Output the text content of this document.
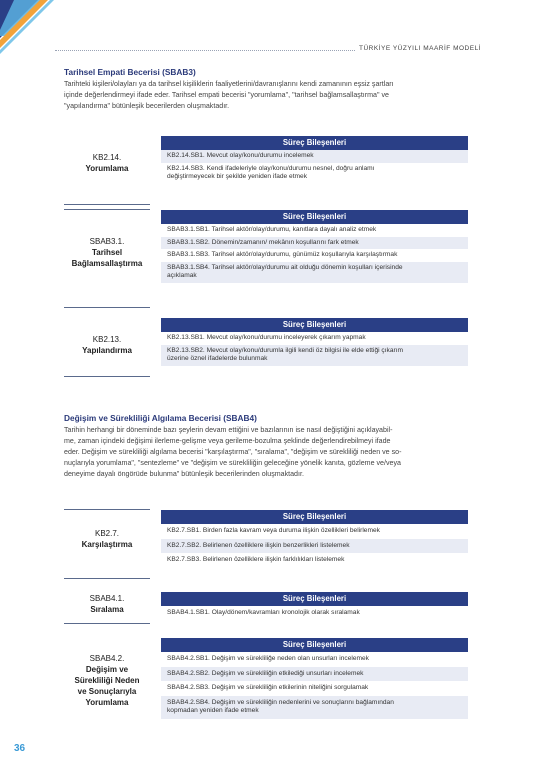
TÜRKİYE YÜZYILI MAARİF MODELİ
Tarihsel Empati Becerisi (SBAB3)
Tarihteki kişileri/olayları ya da tarihsel kişiliklerin faaliyetlerini/davranışlarını kendi zamanının eşsiz şartları
içinde değerlendirmeyi ifade eder. Tarihsel empati becerisi "yorumlama", "tarihsel bağlamsallaştırma" ve
"yapılandırma" bütünleşik becerilerden oluşmaktadır.
KB2.14.
Yorumlama
Süreç Bileşenleri
KB2.14.SB1. Mevcut olay/konu/durumu incelemek
KB2.14.SB3. Kendi ifadeleriyle olay/konu/durumu nesnel, doğru anlamı
değiştirmeyecek bir şekilde yeniden ifade etmek
SBAB3.1.
Tarihsel
Bağlamsallaştırma
Süreç Bileşenleri
SBAB3.1.SB1. Tarihsel aktör/olay/durumu, kanıtlara dayalı analiz etmek
SBAB3.1.SB2. Dönemin/zamanın/ mekânın koşullarını fark etmek
SBAB3.1.SB3. Tarihsel aktör/olay/durumu, günümüz koşullarıyla karşılaştırmak
SBAB3.1.SB4. Tarihsel aktör/olay/durumu ait olduğu dönemin koşulları içerisinde
açıklamak
KB2.13.
Yapılandırma
Süreç Bileşenleri
KB2.13.SB1. Mevcut olay/konu/durumu inceleyerek çıkarım yapmak
KB2.13.SB2. Mevcut olay/konu/durumla ilgili kendi öz bilgisi ile elde ettiği çıkarım
üzerine öznel ifadelerde bulunmak
Değişim ve Sürekliliği Algılama Becerisi (SBAB4)
Tarihin herhangi bir döneminde bazı şeylerin devam ettiğini ve bazılarının ise nasıl değiştiğini açıklayabil-
me, zaman içindeki değişimi ilerleme-gelişme veya gerileme-bozulma şeklinde değerlendirebilmeyi ifade
eder. Değişim ve sürekliliği algılama becerisi "karşılaştırma", "sıralama", "değişim ve sürekliliği neden ve so-
nuçlarıyla yorumlama", "sentezleme" ve "değişim ve sürekliliğin geleceğine yönelik kanıta, gözleme ve/veya
deneyime dayalı öngörüde bulunma" bütünleşik becerilerinden oluşmaktadır.
KB2.7.
Karşılaştırma
Süreç Bileşenleri
KB2.7.SB1. Birden fazla kavram veya duruma ilişkin özellikleri belirlemek
KB2.7.SB2. Belirlenen özelliklere ilişkin benzerlikleri listelemek
KB2.7.SB3. Belirlenen özelliklere ilişkin farklılıkları listelemek
SBAB4.1.
Sıralama
Süreç Bileşenleri
SBAB4.1.SB1. Olay/dönem/kavramları kronolojik olarak sıralamak
SBAB4.2.
Değişim ve
Sürekliliği Neden
ve Sonuçlarıyla
Yorumlama
Süreç Bileşenleri
SBAB4.2.SB1. Değişim ve sürekliliğe neden olan unsurları incelemek
SBAB4.2.SB2. Değişim ve sürekliliğin etkilediği unsurları incelemek
SBAB4.2.SB3. Değişim ve sürekliliğin etkilerinin niteliğini sorgulamak
SBAB4.2.SB4. Değişim ve sürekliliğin nedenlerini ve sonuçlarını bağlamından
kopmadan yeniden ifade etmek
36
